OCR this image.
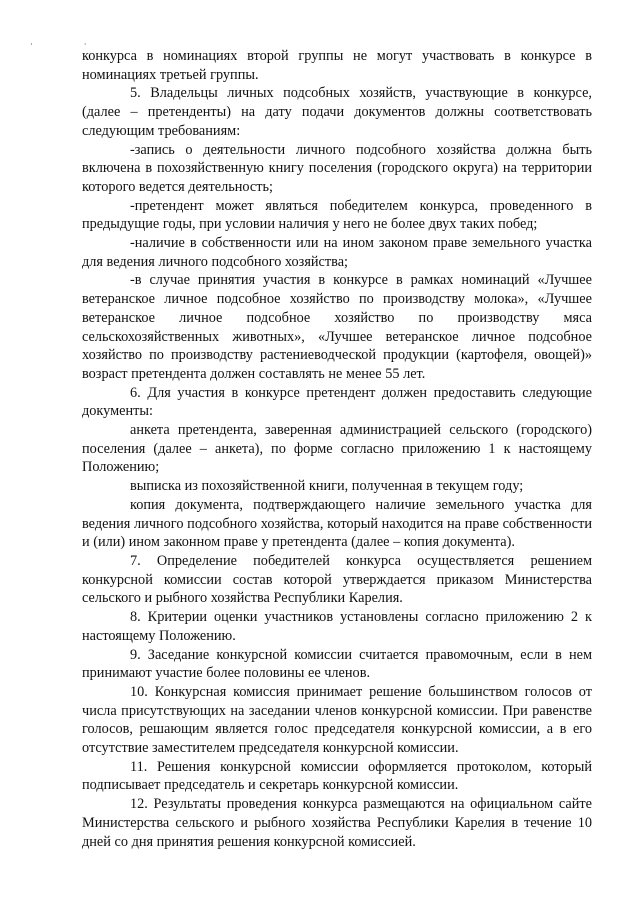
· ·

конкурса в номинациях второй группы не могут участвовать в конкурсе в номинациях третьей группы.

5. Владельцы личных подсобных хозяйств, участвующие в конкурсе, (далее – претенденты) на дату подачи документов должны соответствовать следующим требованиям:

-запись о деятельности личного подсобного хозяйства должна быть включена в похозяйственную книгу поселения (городского округа) на территории которого ведется деятельность;

-претендент может являться победителем конкурса, проведенного в предыдущие годы, при условии наличия у него не более двух таких побед;

-наличие в собственности или на ином законом праве земельного участка для ведения личного подсобного хозяйства;

-в случае принятия участия в конкурсе в рамках номинаций «Лучшее ветеранское личное подсобное хозяйство по производству молока», «Лучшее ветеранское личное подсобное хозяйство по производству мяса сельскохозяйственных животных», «Лучшее ветеранское личное подсобное хозяйство по производству растениеводческой продукции (картофеля, овощей)» возраст претендента должен составлять не менее 55 лет.

6. Для участия в конкурсе претендент должен предоставить следующие документы:

анкета претендента, заверенная администрацией сельского (городского) поселения (далее – анкета), по форме согласно приложению 1 к настоящему Положению;

выписка из похозяйственной книги, полученная в текущем году;

копия документа, подтверждающего наличие земельного участка для ведения личного подсобного хозяйства, который находится на праве собственности и (или) ином законном праве у претендента (далее – копия документа).

7. Определение победителей конкурса осуществляется решением конкурсной комиссии состав которой утверждается приказом Министерства сельского и рыбного хозяйства Республики Карелия.

8. Критерии оценки участников установлены согласно приложению 2 к настоящему Положению.

9. Заседание конкурсной комиссии считается правомочным, если в нем принимают участие более половины ее членов.

10. Конкурсная комиссия принимает решение большинством голосов от числа присутствующих на заседании членов конкурсной комиссии. При равенстве голосов, решающим является голос председателя конкурсной комиссии, а в его отсутствие заместителем председателя конкурсной комиссии.

11. Решения конкурсной комиссии оформляется протоколом, который подписывает председатель и секретарь конкурсной комиссии.

12. Результаты проведения конкурса размещаются на официальном сайте Министерства сельского и рыбного хозяйства Республики Карелия в течение 10 дней со дня принятия решения конкурсной комиссией.
